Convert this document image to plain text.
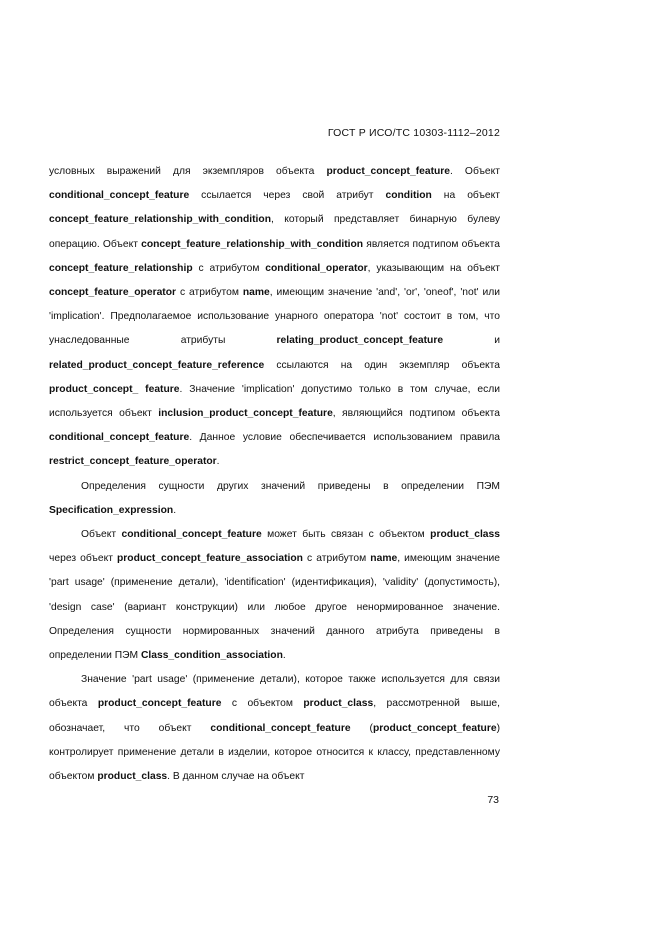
ГОСТ Р ИСО/ТС 10303-1112–2012

условных выражений для экземпляров объекта product_concept_feature. Объект conditional_concept_feature ссылается через свой атрибут condition на объект concept_feature_relationship_with_condition, который представляет бинарную булеву операцию. Объект concept_feature_relationship_with_condition является подтипом объекта concept_feature_relationship с атрибутом conditional_operator, указывающим на объект concept_feature_operator с атрибутом name, имеющим значение 'and', 'or', 'oneof', 'not' или 'implication'. Предполагаемое использование унарного оператора 'not' состоит в том, что унаследованные атрибуты relating_product_concept_feature и related_product_concept_feature_reference ссылаются на один экземпляр объекта product_concept_ feature. Значение 'implication' допустимо только в том случае, если используется объект inclusion_product_concept_feature, являющийся подтипом объекта conditional_concept_feature. Данное условие обеспечивается использованием правила restrict_concept_feature_operator.

Определения сущности других значений приведены в определении ПЭМ Specification_expression.

Объект conditional_concept_feature может быть связан с объектом product_class через объект product_concept_feature_association с атрибутом name, имеющим значение 'part usage' (применение детали), 'identification' (идентификация), 'validity' (допустимость), 'design case' (вариант конструкции) или любое другое ненормированное значение. Определения сущности нормированных значений данного атрибута приведены в определении ПЭМ Class_condition_association.

Значение 'part usage' (применение детали), которое также используется для связи объекта product_concept_feature с объектом product_class, рассмотренной выше, обозначает, что объект conditional_concept_feature (product_concept_feature) контролирует применение детали в изделии, которое относится к классу, представленному объектом product_class. В данном случае на объект

73
